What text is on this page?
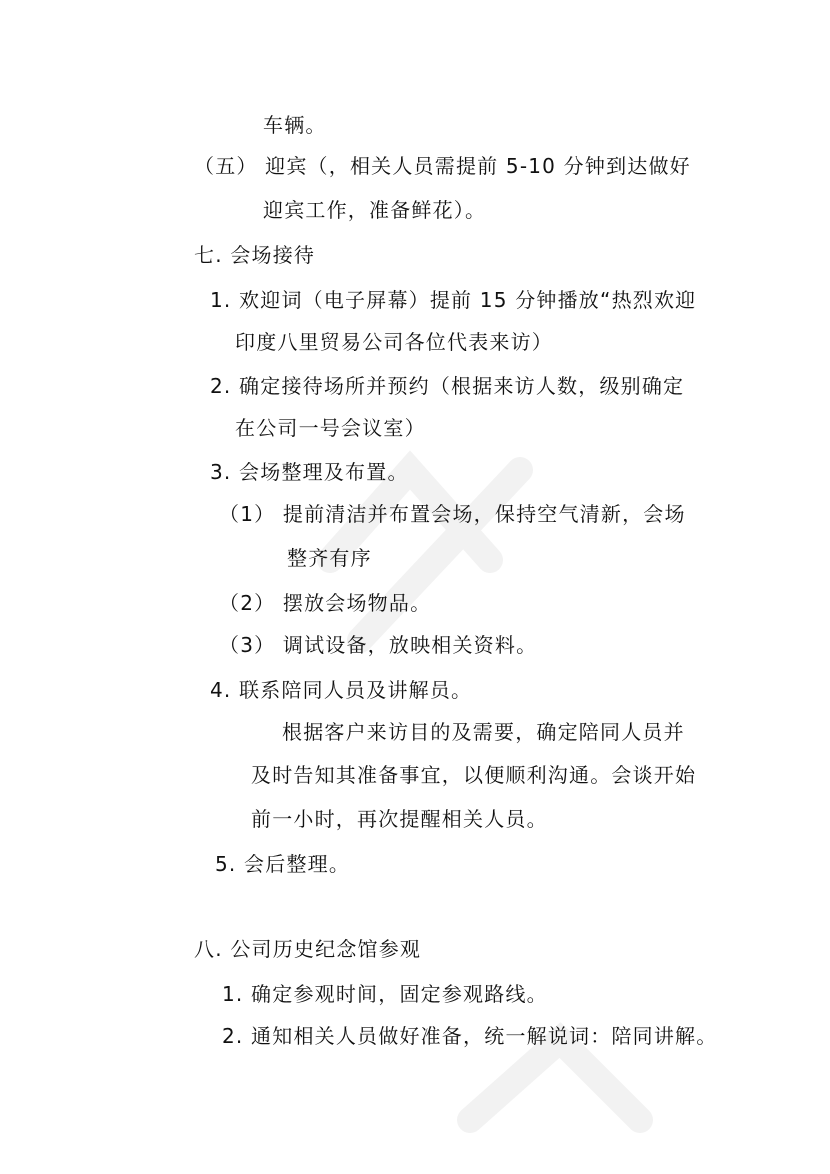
车辆。
（五） 迎宾（，相关人员需提前 5-10 分钟到达做好
迎宾工作，准备鲜花）。
七. 会场接待
1. 欢迎词（电子屏幕）提前 15 分钟播放“热烈欢迎
印度八里贸易公司各位代表来访）
2. 确定接待场所并预约（根据来访人数，级别确定
在公司一号会议室）
3. 会场整理及布置。
（1） 提前清洁并布置会场，保持空气清新，会场
整齐有序
（2） 摆放会场物品。
（3） 调试设备，放映相关资料。
4. 联系陪同人员及讲解员。
根据客户来访目的及需要，确定陪同人员并
及时告知其准备事宜，以便顺利沟通。会谈开始
前一小时，再次提醒相关人员。
5. 会后整理。
八. 公司历史纪念馆参观
1. 确定参观时间，固定参观路线。
2. 通知相关人员做好准备，统一解说词：陪同讲解。
